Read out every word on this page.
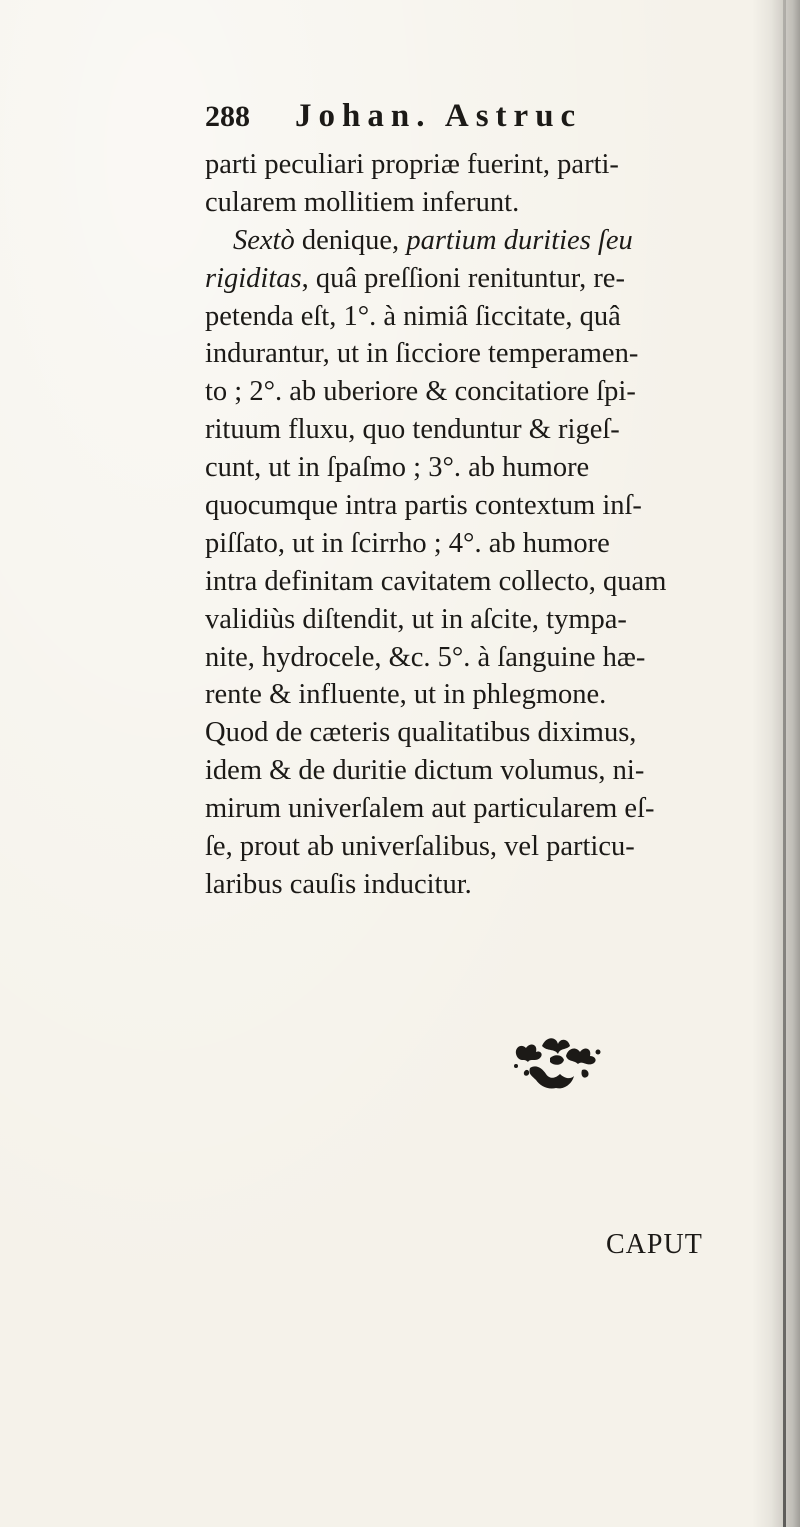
288	Johan. Astruc
parti peculiari propriæ fuerint, parti-
cularem mollitiem inferunt.
Sextò denique, partium durities ſeu
rigiditas, quâ preſſioni renituntur, re-
petenda eſt, 1°. à nimiâ ſiccitate, quâ
indurantur, ut in ſicciore temperamen-
to ; 2°. ab uberiore & concitatiore ſpi-
rituum fluxu, quo tenduntur & rigeſ-
cunt, ut in ſpaſmo ; 3°. ab humore
quocumque intra partis contextum inſ-
piſſato, ut in ſcirrho ; 4°. ab humore
intra definitam cavitatem collecto, quam
validiùs diſtendit, ut in aſcite, tympa-
nite, hydrocele, &c. 5°. à ſanguine hæ-
rente & influente, ut in phlegmone.
Quod de cæteris qualitatibus diximus,
idem & de duritie dictum volumus, ni-
mirum univerſalem aut particularem eſ-
ſe, prout ab univerſalibus, vel particu-
laribus cauſis inducitur.
CAPUT
